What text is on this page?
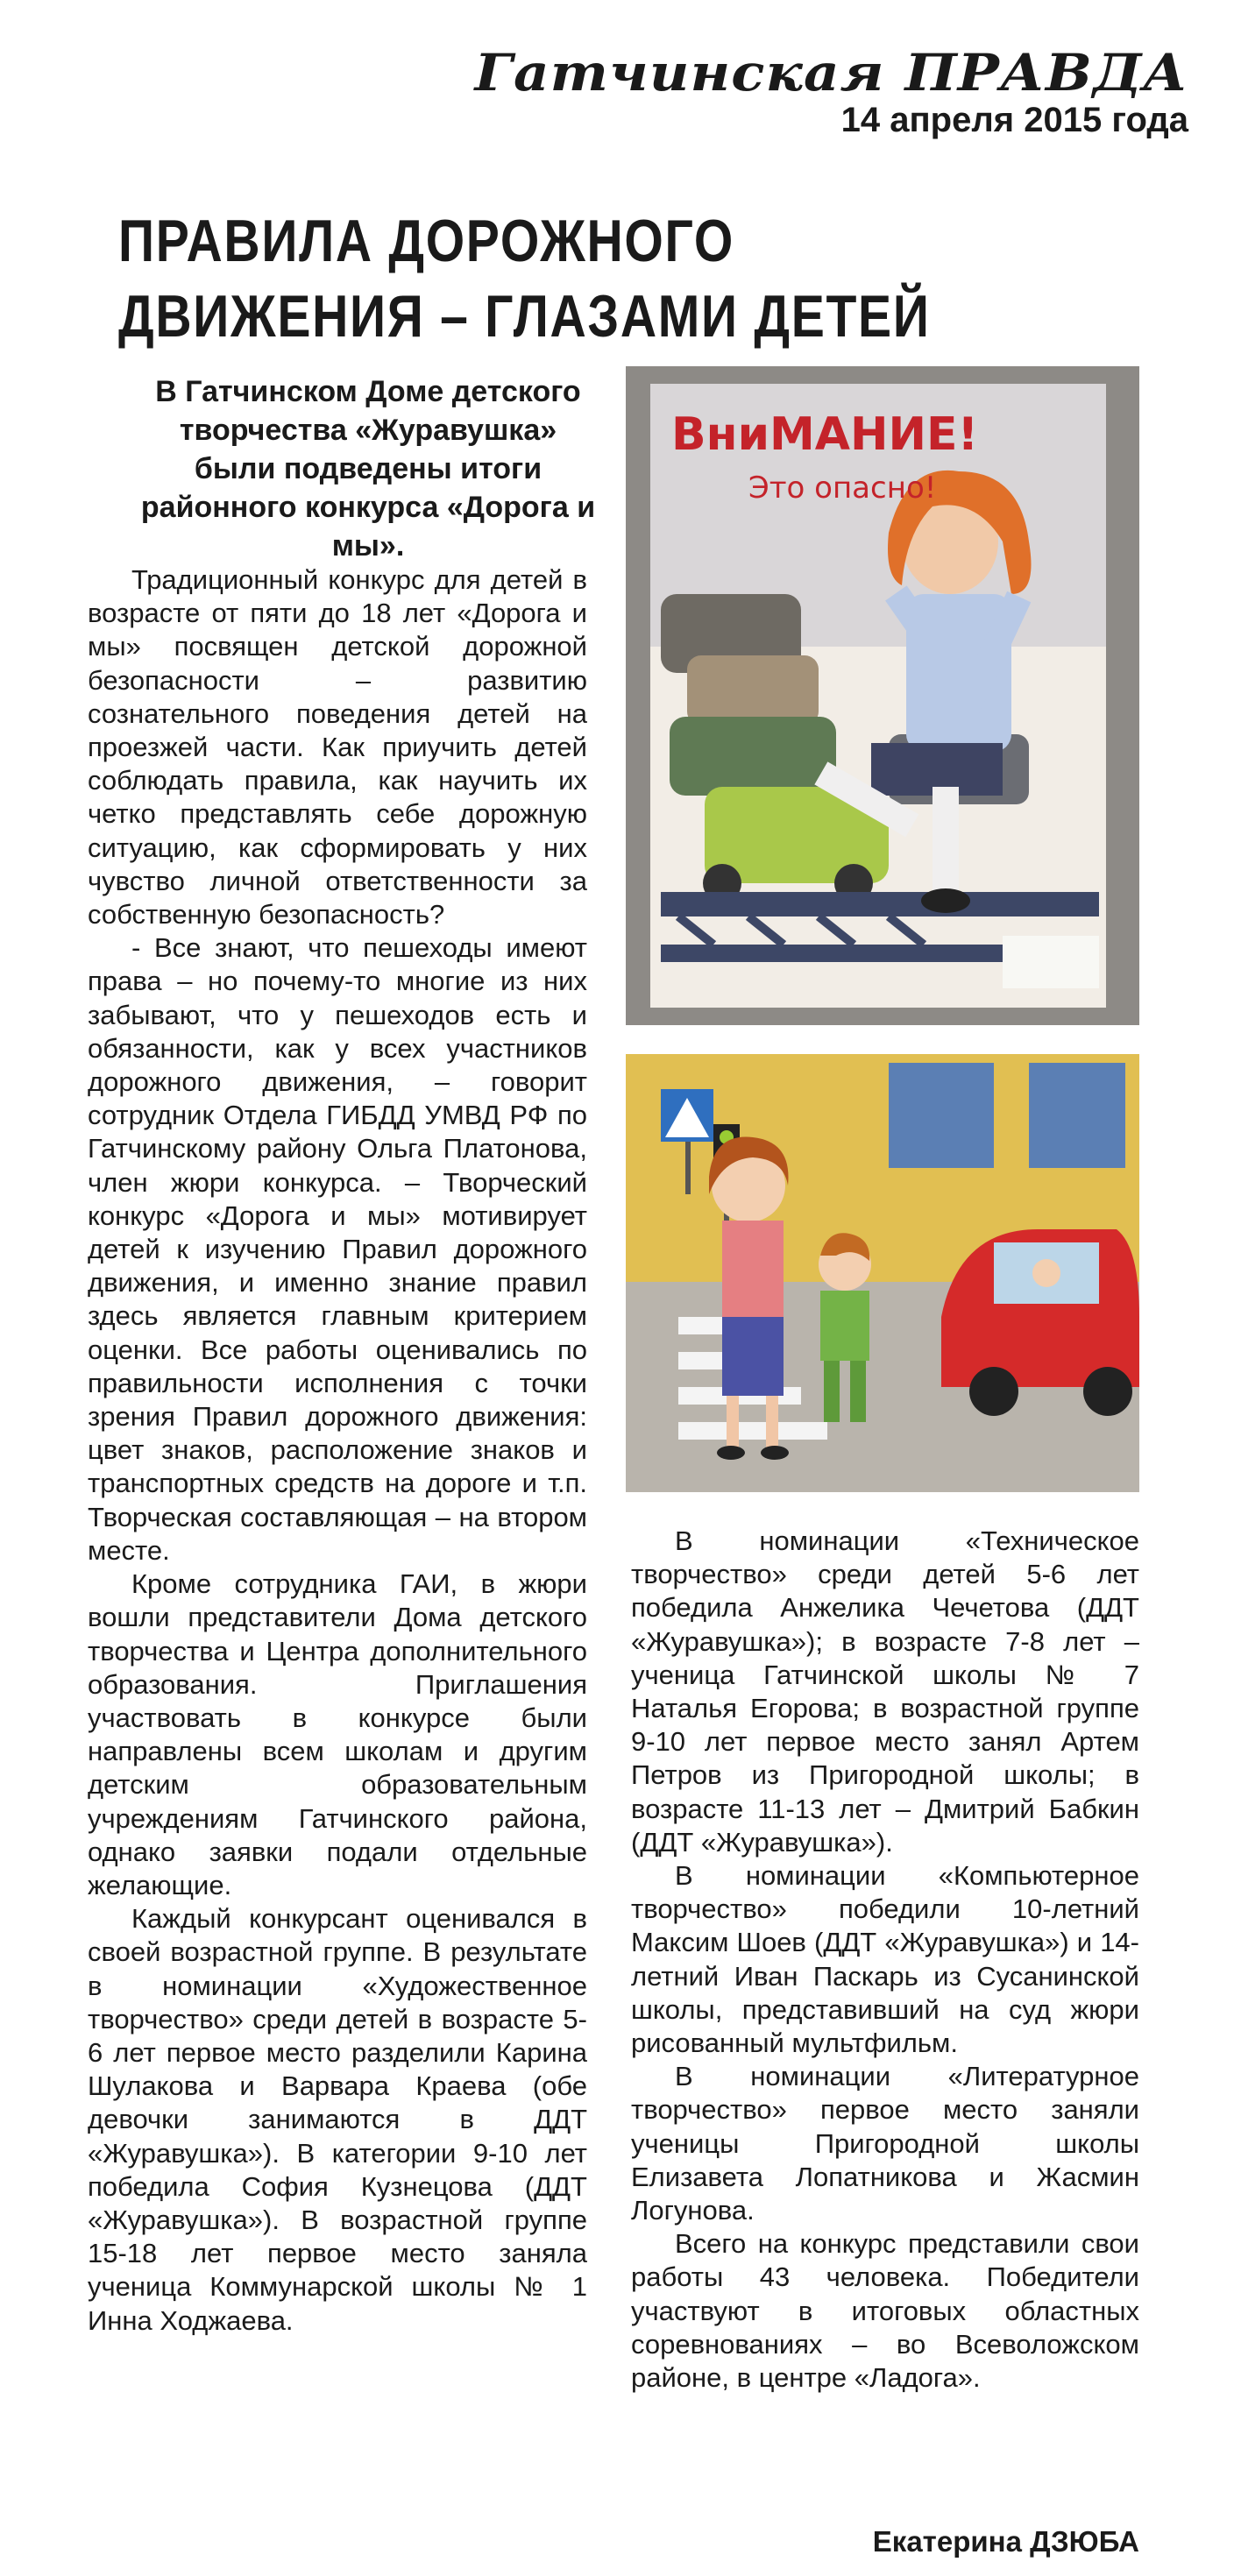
Гатчинская ПРАВДА
14 апреля 2015 года
ПРАВИЛА ДОРОЖНОГО ДВИЖЕНИЯ – ГЛАЗАМИ ДЕТЕЙ
В Гатчинском Доме детского творчества «Журавушка» были подведены итоги районного конкурса «Дорога и мы».

Традиционный конкурс для детей в возрасте от пяти до 18 лет «Дорога и мы» посвящен детской дорожной безопасности – развитию сознательного поведения детей на проезжей части. Как приучить детей соблюдать правила, как научить их четко представлять себе дорожную ситуацию, как сформировать у них чувство личной ответственности за собственную безопасность?

- Все знают, что пешеходы имеют права – но почему-то многие из них забывают, что у пешеходов есть и обязанности, как у всех участников дорожного движения, – говорит сотрудник Отдела ГИБДД УМВД РФ по Гатчинскому району Ольга Платонова, член жюри конкурса. – Творческий конкурс «Дорога и мы» мотивирует детей к изучению Правил дорожного движения, и именно знание правил здесь является главным критерием оценки. Все работы оценивались по правильности исполнения с точки зрения Правил дорожного движения: цвет знаков, расположение знаков и транспортных средств на дороге и т.п. Творческая составляющая – на втором месте.

Кроме сотрудника ГАИ, в жюри вошли представители Дома детского творчества и Центра дополнительного образования. Приглашения участвовать в конкурсе были направлены всем школам и другим детским образовательным учреждениям Гатчинского района, однако заявки подали отдельные желающие.

Каждый конкурсант оценивался в своей возрастной группе. В результате в номинации «Художественное творчество» среди детей в возрасте 5-6 лет первое место разделили Карина Шулакова и Варвара Краева (обе девочки занимаются в ДДТ «Журавушка»). В категории 9-10 лет победила София Кузнецова (ДДТ «Журавушка»). В возрастной группе 15-18 лет первое место заняла ученица Коммунарской школы № 1 Инна Ходжаева.

ВниМАНИЕ!
Это опасно!

В номинации «Техническое творчество» среди детей 5-6 лет победила Анжелика Чечетова (ДДТ «Журавушка»); в возрасте 7-8 лет – ученица Гатчинской школы № 7 Наталья Егорова; в возрастной группе 9-10 лет первое место занял Артем Петров из Пригородной школы; в возрасте 11-13 лет – Дмитрий Бабкин (ДДТ «Журавушка»).

В номинации «Компьютерное творчество» победили 10-летний Максим Шоев (ДДТ «Журавушка») и 14-летний Иван Паскарь из Сусанинской школы, представивший на суд жюри рисованный мультфильм.

В номинации «Литературное творчество» первое место заняли ученицы Пригородной школы Елизавета Лопатникова и Жасмин Логунова.

Всего на конкурс представили свои работы 43 человека. Победители участвуют в итоговых областных соревнованиях – во Всеволожском районе, в центре «Ладога».

Екатерина ДЗЮБА
